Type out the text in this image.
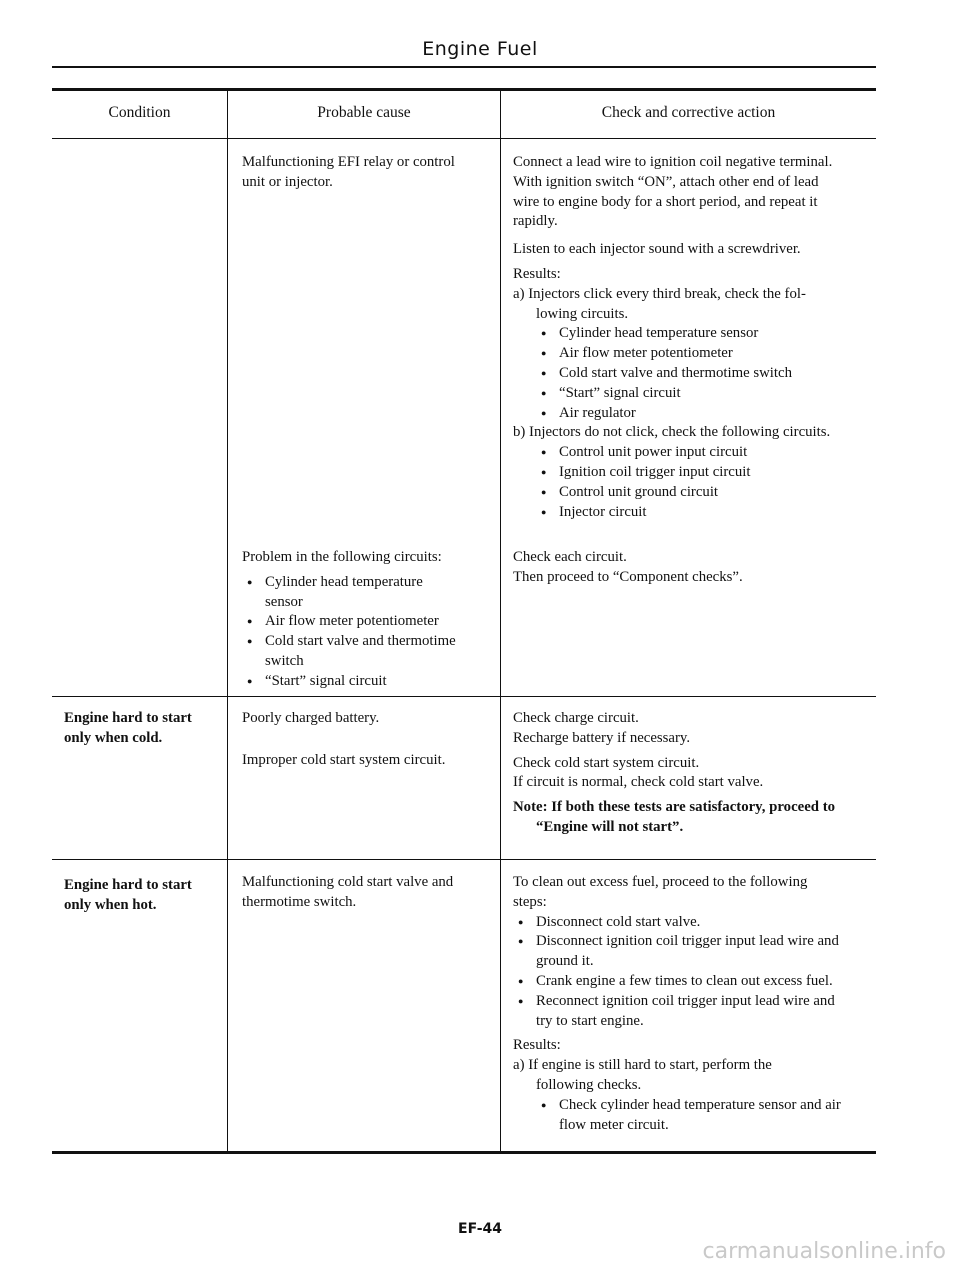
Engine Fuel
Condition	Probable cause	Check and corrective action

Malfunctioning EFI relay or control

unit or injector.

Connect a lead wire to ignition coil negative terminal.

With ignition switch “ON”, attach other end of lead

wire to engine body for a short period, and repeat it

rapidly.

Listen to each injector sound with a screwdriver.

Results:

a) Injectors click every third break, check the fol-

lowing circuits.

● Cylinder head temperature sensor

● Air flow meter potentiometer

● Cold start valve and thermotime switch

● “Start” signal circuit

● Air regulator

b) Injectors do not click, check the following circuits.

● Control unit power input circuit

● Ignition coil trigger input circuit

● Control unit ground circuit

● Injector circuit

Problem in the following circuits:

● Cylinder head temperature

sensor

● Air flow meter potentiometer

● Cold start valve and thermotime

switch

● “Start” signal circuit

Check each circuit.

Then proceed to “Component checks”.

Engine hard to start

only when cold.

Poorly charged battery.

Improper cold start system circuit.

Check charge circuit.

Recharge battery if necessary.

Check cold start system circuit.

If circuit is normal, check cold start valve.

Note: If both these tests are satisfactory, proceed to

“Engine will not start”.

Engine hard to start

only when hot.

Malfunctioning cold start valve and

thermotime switch.

To clean out excess fuel, proceed to the following

steps:

● Disconnect cold start valve.

● Disconnect ignition coil trigger input lead wire and

ground it.

● Crank engine a few times to clean out excess fuel.

● Reconnect ignition coil trigger input lead wire and

try to start engine.

Results:

a) If engine is still hard to start, perform the

following checks.

● Check cylinder head temperature sensor and air

flow meter circuit.

EF-44
carmanualsonline.info
